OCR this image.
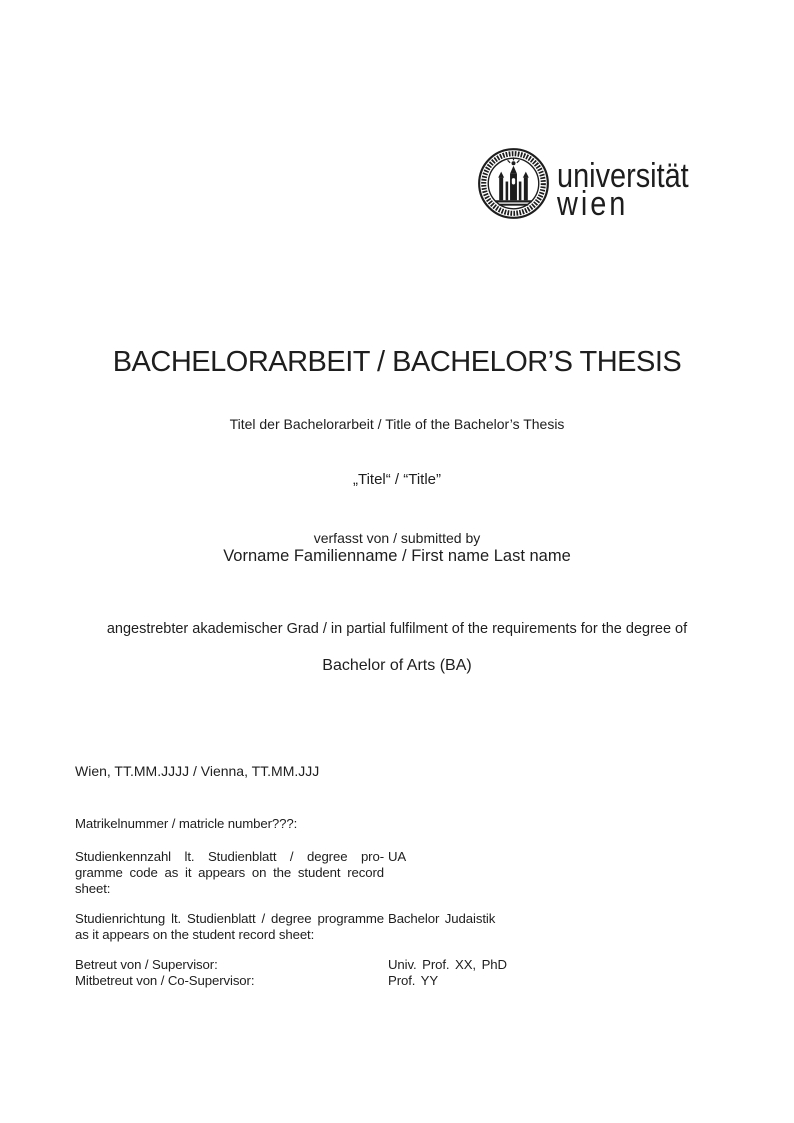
universität
wien
BACHELORARBEIT / BACHELOR’S THESIS
Titel der Bachelorarbeit / Title of the Bachelor’s Thesis
„Titel“ / “Title”
verfasst von / submitted by
Vorname Familienname / First name Last name
angestrebter akademischer Grad / in partial fulfilment of the requirements for the degree of
Bachelor of Arts (BA)
Wien, TT.MM.JJJJ / Vienna, TT.MM.JJJ
Matrikelnummer / matricle number???:
Studienkennzahl lt. Studienblatt / degree pro-
gramme code as it appears on the student record
sheet:
UA
Studienrichtung lt. Studienblatt / degree programme
as it appears on the student record sheet:
Bachelor Judaistik
Betreut von / Supervisor:	Univ. Prof. XX, PhD
Mitbetreut von / Co-Supervisor:	Prof. YY
